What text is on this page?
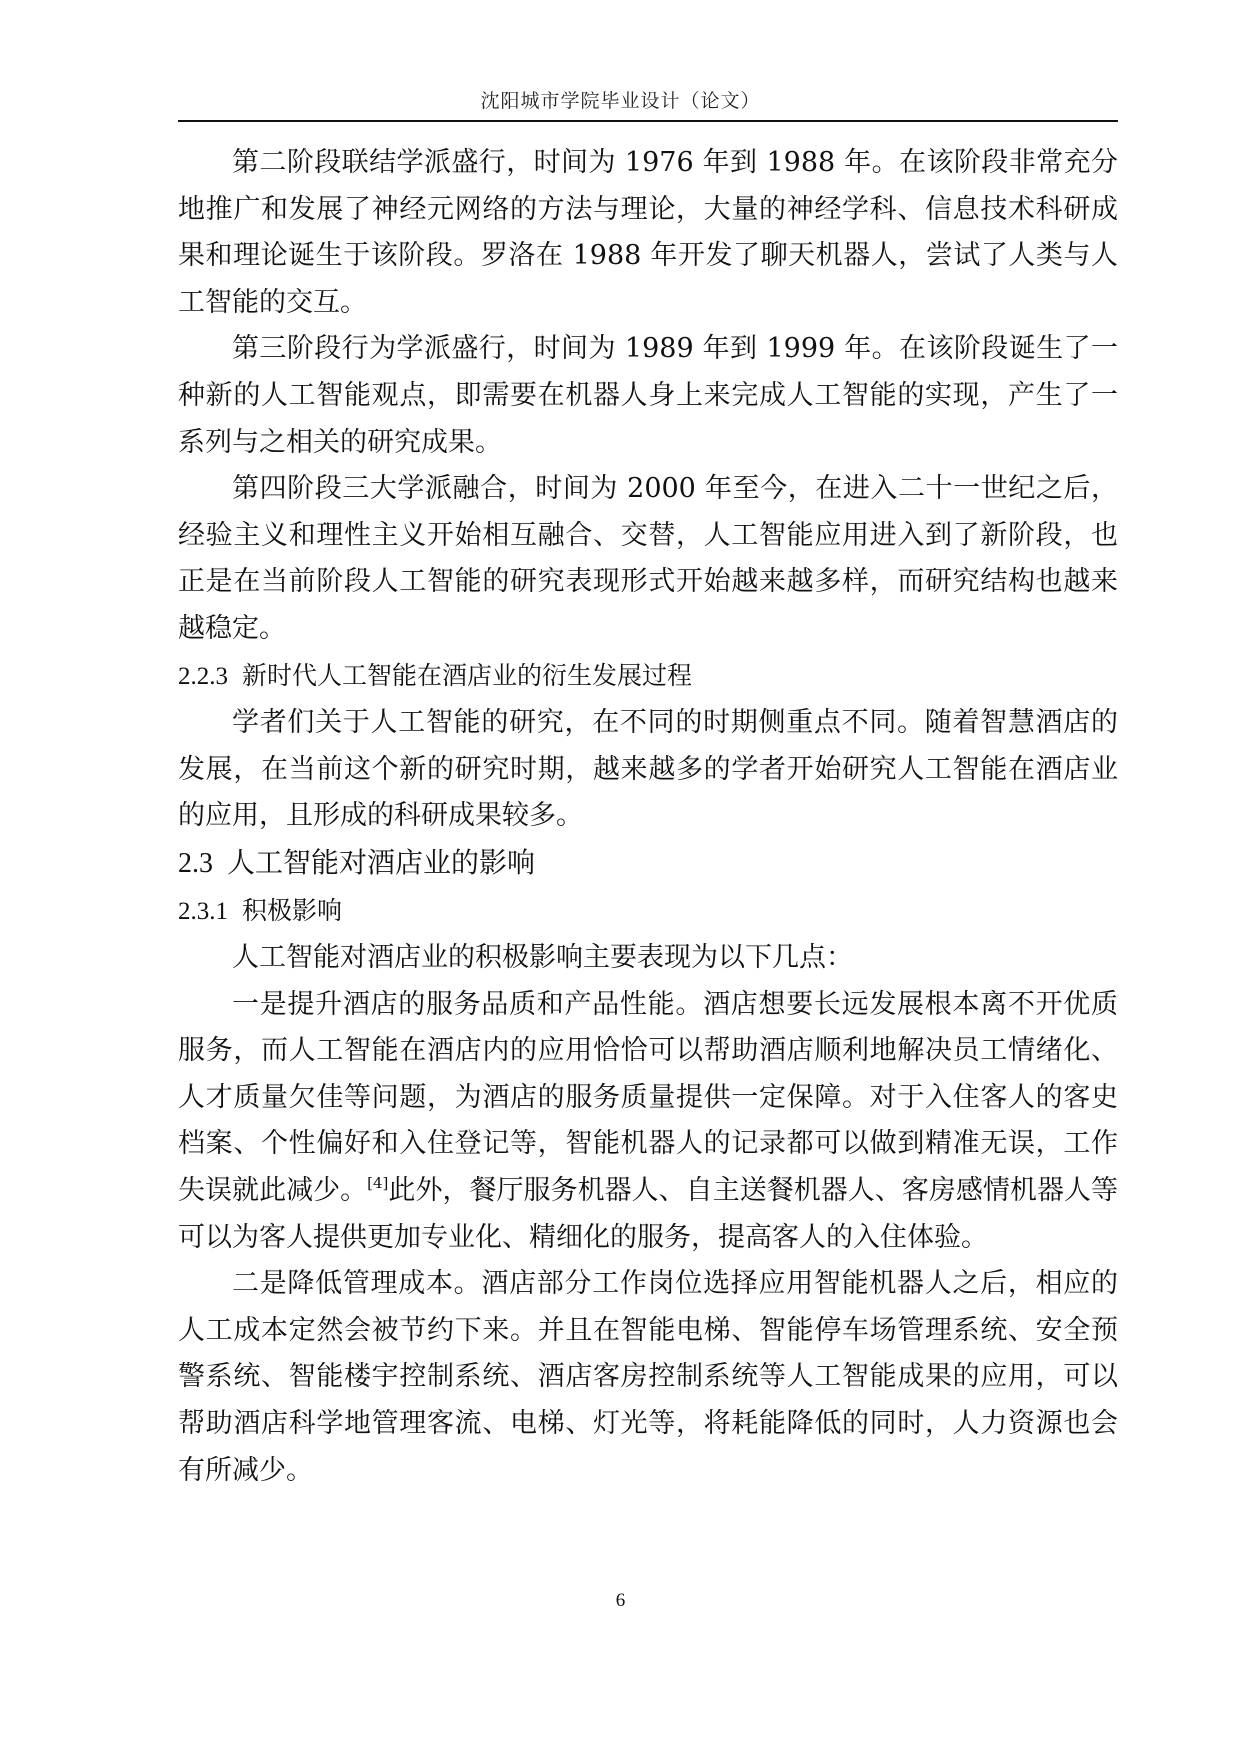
沈阳城市学院毕业设计（论文）

第二阶段联结学派盛行，时间为 1976 年到 1988 年。在该阶段非常充分地推广和发展了神经元网络的方法与理论，大量的神经学科、信息技术科研成果和理论诞生于该阶段。罗洛在 1988 年开发了聊天机器人，尝试了人类与人工智能的交互。

第三阶段行为学派盛行，时间为 1989 年到 1999 年。在该阶段诞生了一种新的人工智能观点，即需要在机器人身上来完成人工智能的实现，产生了一系列与之相关的研究成果。

第四阶段三大学派融合，时间为 2000 年至今，在进入二十一世纪之后，经验主义和理性主义开始相互融合、交替，人工智能应用进入到了新阶段，也正是在当前阶段人工智能的研究表现形式开始越来越多样，而研究结构也越来越稳定。

2.2.3 新时代人工智能在酒店业的衍生发展过程

学者们关于人工智能的研究，在不同的时期侧重点不同。随着智慧酒店的发展，在当前这个新的研究时期，越来越多的学者开始研究人工智能在酒店业的应用，且形成的科研成果较多。

2.3 人工智能对酒店业的影响
2.3.1 积极影响

人工智能对酒店业的积极影响主要表现为以下几点：

一是提升酒店的服务品质和产品性能。酒店想要长远发展根本离不开优质服务，而人工智能在酒店内的应用恰恰可以帮助酒店顺利地解决员工情绪化、人才质量欠佳等问题，为酒店的服务质量提供一定保障。对于入住客人的客史档案、个性偏好和入住登记等，智能机器人的记录都可以做到精准无误，工作失误就此减少。[4]此外，餐厅服务机器人、自主送餐机器人、客房感情机器人等可以为客人提供更加专业化、精细化的服务，提高客人的入住体验。

二是降低管理成本。酒店部分工作岗位选择应用智能机器人之后，相应的人工成本定然会被节约下来。并且在智能电梯、智能停车场管理系统、安全预警系统、智能楼宇控制系统、酒店客房控制系统等人工智能成果的应用，可以帮助酒店科学地管理客流、电梯、灯光等，将耗能降低的同时，人力资源也会有所减少。

6
